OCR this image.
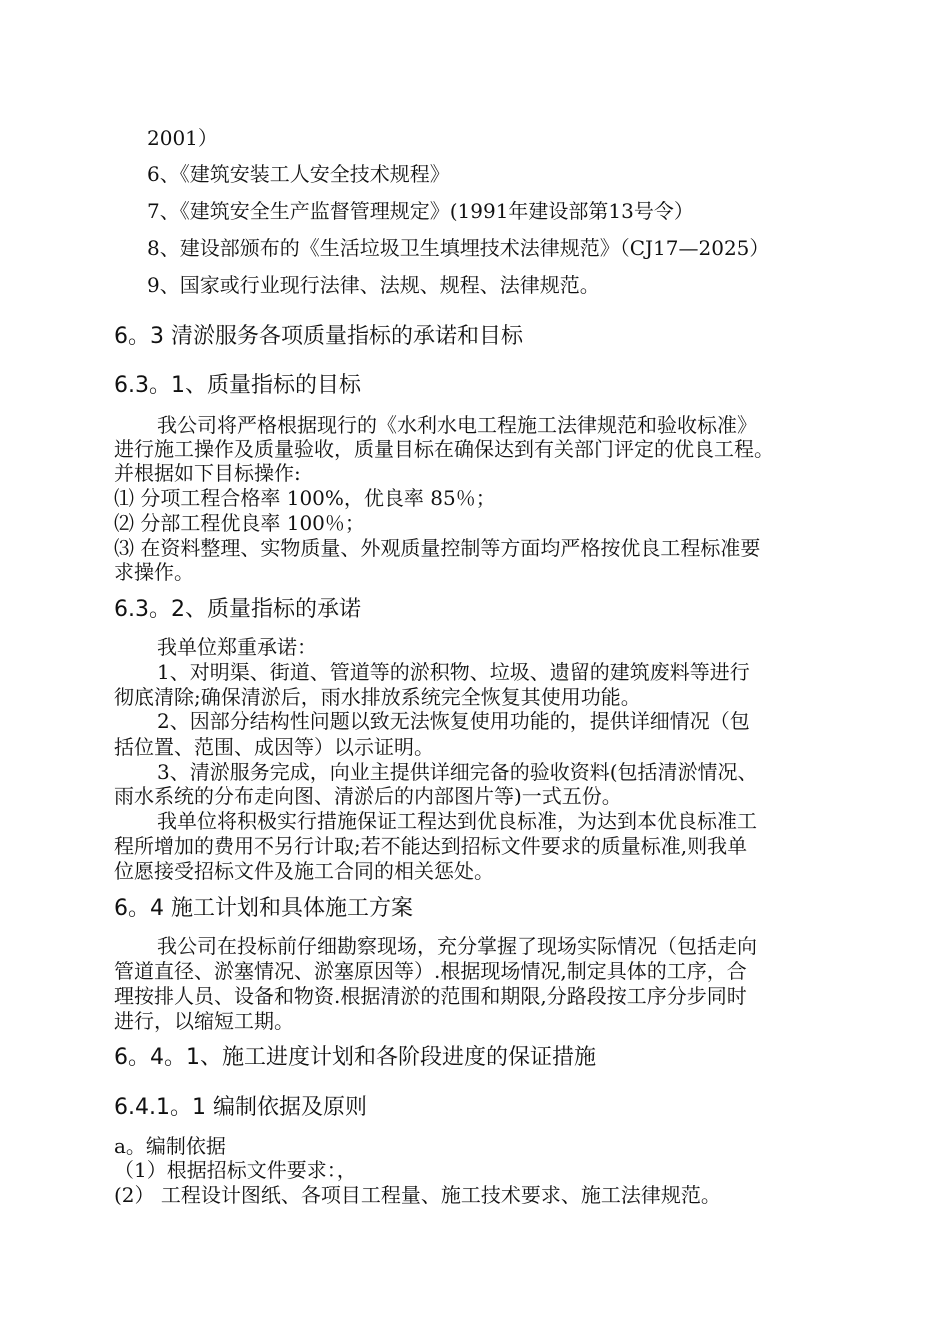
2001）
6、《建筑安装工人安全技术规程》
7、《建筑安全生产监督管理规定》(1991年建设部第13号令）
8、建设部颁布的《生活垃圾卫生填埋技术法律规范》（CJ17—2025）
9、国家或行业现行法律、法规、规程、法律规范。
6。3 清淤服务各项质量指标的承诺和目标
6.3。1、质量指标的目标
我公司将严格根据现行的《水利水电工程施工法律规范和验收标准》
进行施工操作及质量验收，质量目标在确保达到有关部门评定的优良工程。
并根据如下目标操作:
⑴ 分项工程合格率 100%，优良率 85％；
⑵ 分部工程优良率 100％；
⑶ 在资料整理、实物质量、外观质量控制等方面均严格按优良工程标准要
求操作。
6.3。2、质量指标的承诺
我单位郑重承诺：
1、对明渠、街道、管道等的淤积物、垃圾、遗留的建筑废料等进行
彻底清除;确保清淤后，雨水排放系统完全恢复其使用功能。
2、因部分结构性问题以致无法恢复使用功能的，提供详细情况（包
括位置、范围、成因等）以示证明。
3、清淤服务完成，向业主提供详细完备的验收资料(包括清淤情况、
雨水系统的分布走向图、清淤后的内部图片等)一式五份。
我单位将积极实行措施保证工程达到优良标准，为达到本优良标准工
程所增加的费用不另行计取;若不能达到招标文件要求的质量标准,则我单
位愿接受招标文件及施工合同的相关惩处。
6。4 施工计划和具体施工方案
我公司在投标前仔细勘察现场，充分掌握了现场实际情况（包括走向
管道直径、淤塞情况、淤塞原因等）.根据现场情况,制定具体的工序，合
理按排人员、设备和物资.根据清淤的范围和期限,分路段按工序分步同时
进行，以缩短工期。
6。4。1、施工进度计划和各阶段进度的保证措施
6.4.1。1 编制依据及原则
a。编制依据
（1）根据招标文件要求：，
(2） 工程设计图纸、各项目工程量、施工技术要求、施工法律规范。
